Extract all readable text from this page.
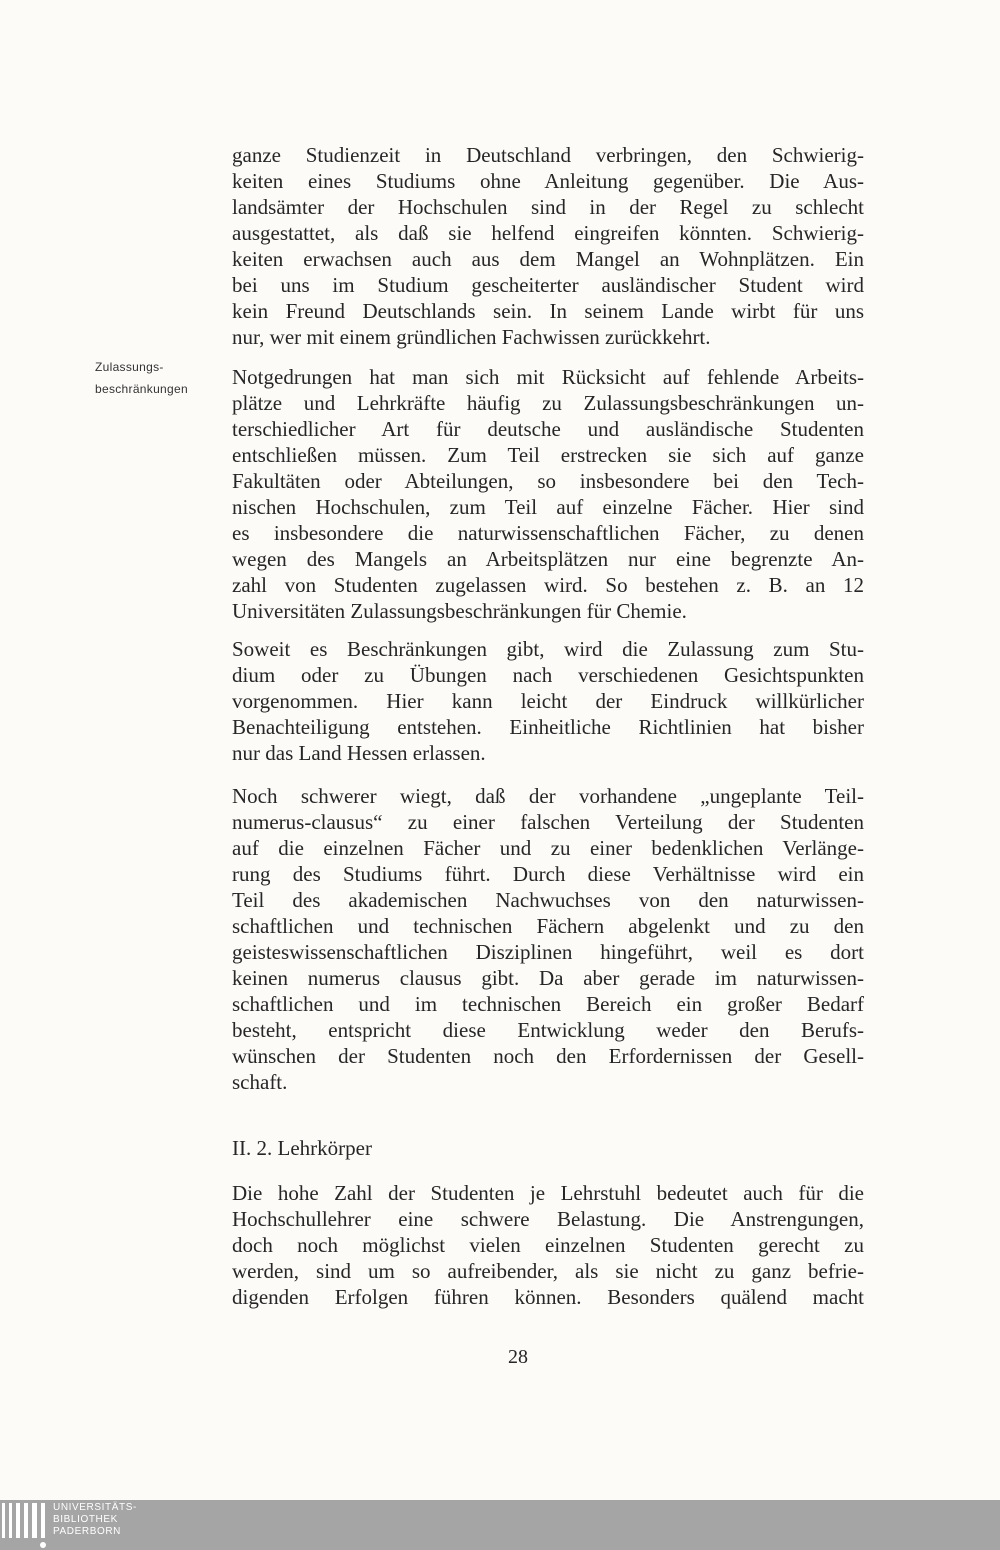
ganze Studienzeit in Deutschland verbringen, den Schwierig-
keiten eines Studiums ohne Anleitung gegenüber. Die Aus-
landsämter der Hochschulen sind in der Regel zu schlecht
ausgestattet, als daß sie helfend eingreifen könnten. Schwierig-
keiten erwachsen auch aus dem Mangel an Wohnplätzen. Ein
bei uns im Studium gescheiterter ausländischer Student wird
kein Freund Deutschlands sein. In seinem Lande wirbt für uns
nur, wer mit einem gründlichen Fachwissen zurückkehrt.
Zulassungs-
beschränkungen	Notgedrungen hat man sich mit Rücksicht auf fehlende Arbeits-
plätze und Lehrkräfte häufig zu Zulassungsbeschränkungen un-
terschiedlicher Art für deutsche und ausländische Studenten
entschließen müssen. Zum Teil erstrecken sie sich auf ganze
Fakultäten oder Abteilungen, so insbesondere bei den Tech-
nischen Hochschulen, zum Teil auf einzelne Fächer. Hier sind
es insbesondere die naturwissenschaftlichen Fächer, zu denen
wegen des Mangels an Arbeitsplätzen nur eine begrenzte An-
zahl von Studenten zugelassen wird. So bestehen z. B. an 12
Universitäten Zulassungsbeschränkungen für Chemie.
Soweit es Beschränkungen gibt, wird die Zulassung zum Stu-
dium oder zu Übungen nach verschiedenen Gesichtspunkten
vorgenommen. Hier kann leicht der Eindruck willkürlicher
Benachteiligung entstehen. Einheitliche Richtlinien hat bisher
nur das Land Hessen erlassen.
Noch schwerer wiegt, daß der vorhandene „ungeplante Teil-
numerus-clausus“ zu einer falschen Verteilung der Studenten
auf die einzelnen Fächer und zu einer bedenklichen Verlänge-
rung des Studiums führt. Durch diese Verhältnisse wird ein
Teil des akademischen Nachwuchses von den naturwissen-
schaftlichen und technischen Fächern abgelenkt und zu den
geisteswissenschaftlichen Disziplinen hingeführt, weil es dort
keinen numerus clausus gibt. Da aber gerade im naturwissen-
schaftlichen und im technischen Bereich ein großer Bedarf
besteht, entspricht diese Entwicklung weder den Berufs-
wünschen der Studenten noch den Erfordernissen der Gesell-
schaft.
II. 2. Lehrkörper
Die hohe Zahl der Studenten je Lehrstuhl bedeutet auch für die
Hochschullehrer eine schwere Belastung. Die Anstrengungen,
doch noch möglichst vielen einzelnen Studenten gerecht zu
werden, sind um so aufreibender, als sie nicht zu ganz befrie-
digenden Erfolgen führen können. Besonders quälend macht
28
UNIVERSITÄTS-
BIBLIOTHEK
PADERBORN
